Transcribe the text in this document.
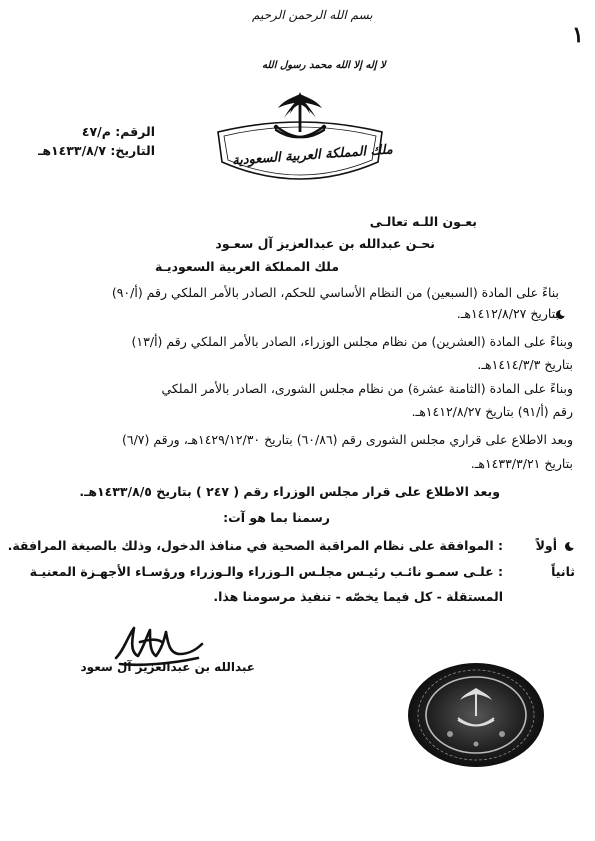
١
بسم الله الرحمن الرحيم
لا إله إلا الله محمد رسول الله
ملك المملكة العربية السعودية
الرقم: م/٤٧
التاريخ: ١٤٣٣/٨/٧هـ
بعـون اللـه تعالـى
نحـن عبدالله بن عبدالعزيز آل سعـود
ملك المملكة العربية السعوديـة
بناءً على المادة (السبعين) من النظام الأساسي للحكم، الصادر بالأمر الملكي رقم (أ/٩٠)
بتاريخ ١٤١٢/٨/٢٧هـ.
وبناءً على المادة (العشرين) من نظام مجلس الوزراء، الصادر بالأمر الملكي رقم (أ/١٣)
بتاريخ ١٤١٤/٣/٣هـ.
وبناءً على المادة (الثامنة عشرة) من نظام مجلس الشورى، الصادر بالأمر الملكي
رقم (أ/٩١) بتاريخ ١٤١٢/٨/٢٧هـ.
وبعد الاطلاع على قراري مجلس الشورى رقم (٦٠/٨٦) بتاريخ ١٤٢٩/١٢/٣٠هـ، ورقم (٦/٧)
بتاريخ ١٤٣٣/٣/٢١هـ.
وبعد الاطلاع على قرار مجلس الوزراء رقم ( ٢٤٧ ) بتاريخ ١٤٣٣/٨/٥هـ.
رسمنا بما هو آت:
أولاً
: الموافقة على نظام المراقبة الصحية في منافذ الدخول، وذلك بالصيغة المرافقة.
ثانياً
: علـى سمـو نائـب رئيـس مجلـس الـوزراء والـوزراء ورؤسـاء الأجهـزة المعنيـة
المستقلة - كل فيما يخصّه - تنفيذ مرسومنا هذا.
عبدالله بن عبدالعزيز آل سعود
